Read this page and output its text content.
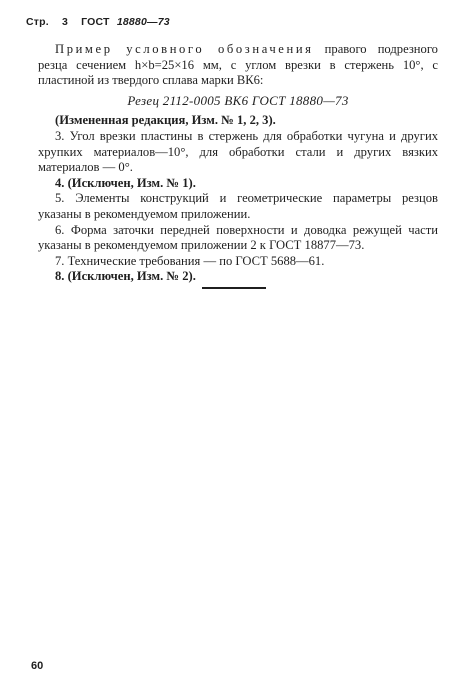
Стр. 3 ГОСТ 18880—73

Пример условного обозначения правого подрезного резца сечением h×b=25×16 мм, с углом врезки в стержень 10°, с пластиной из твердого сплава марки ВК6:

Резец 2112-0005 ВК6 ГОСТ 18880—73

(Измененная редакция, Изм. № 1, 2, 3).

3. Угол врезки пластины в стержень для обработки чугуна и других хрупких материалов—10°, для обработки стали и других вязких материалов — 0°.

4. (Исключен, Изм. № 1).

5. Элементы конструкций и геометрические параметры резцов указаны в рекомендуемом приложении.

6. Форма заточки передней поверхности и доводка режущей части указаны в рекомендуемом приложении 2 к ГОСТ 18877—73.

7. Технические требования — по ГОСТ 5688—61.

8. (Исключен, Изм. № 2).

60
